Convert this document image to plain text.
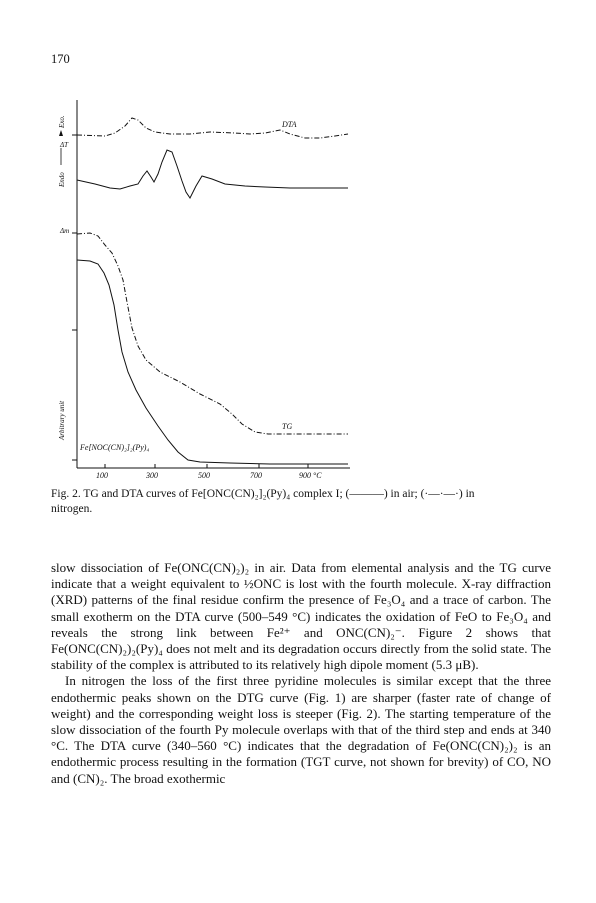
170
Exo.
Endo
ΔT
Δm
Arbitrary unit
DTA
TG
Fe[NOC(CN)₂]₂(Py)₄
100	300	500	700	900 °C
Fig. 2. TG and DTA curves of Fe[ONC(CN)₂]₂(Py)₄ complex I; (———) in air; (·—·—·) in
nitrogen.

slow dissociation of Fe(ONC(CN)₂)₂ in air. Data from elemental analysis and the TG curve indicate that a weight equivalent to ½ONC is lost with the fourth molecule. X-ray diffraction (XRD) patterns of the final residue confirm the presence of Fe₃O₄ and a trace of carbon. The small exotherm on the DTA curve (500–549 °C) indicates the oxidation of FeO to Fe₃O₄ and reveals the strong link between Fe²⁺ and ONC(CN)₂⁻. Figure 2 shows that Fe(ONC(CN)₂)₂(Py)₄ does not melt and its degradation occurs directly from the solid state. The stability of the complex is attributed to its relatively high dipole moment (5.3 μB).

In nitrogen the loss of the first three pyridine molecules is similar except that the three endothermic peaks shown on the DTG curve (Fig. 1) are sharper (faster rate of change of weight) and the corresponding weight loss is steeper (Fig. 2). The starting temperature of the slow dissociation of the fourth Py molecule overlaps with that of the third step and ends at 340 °C. The DTA curve (340–560 °C) indicates that the degradation of Fe(ONC(CN)₂)₂ is an endothermic process resulting in the formation (TGT curve, not shown for brevity) of CO, NO and (CN)₂. The broad exothermic
